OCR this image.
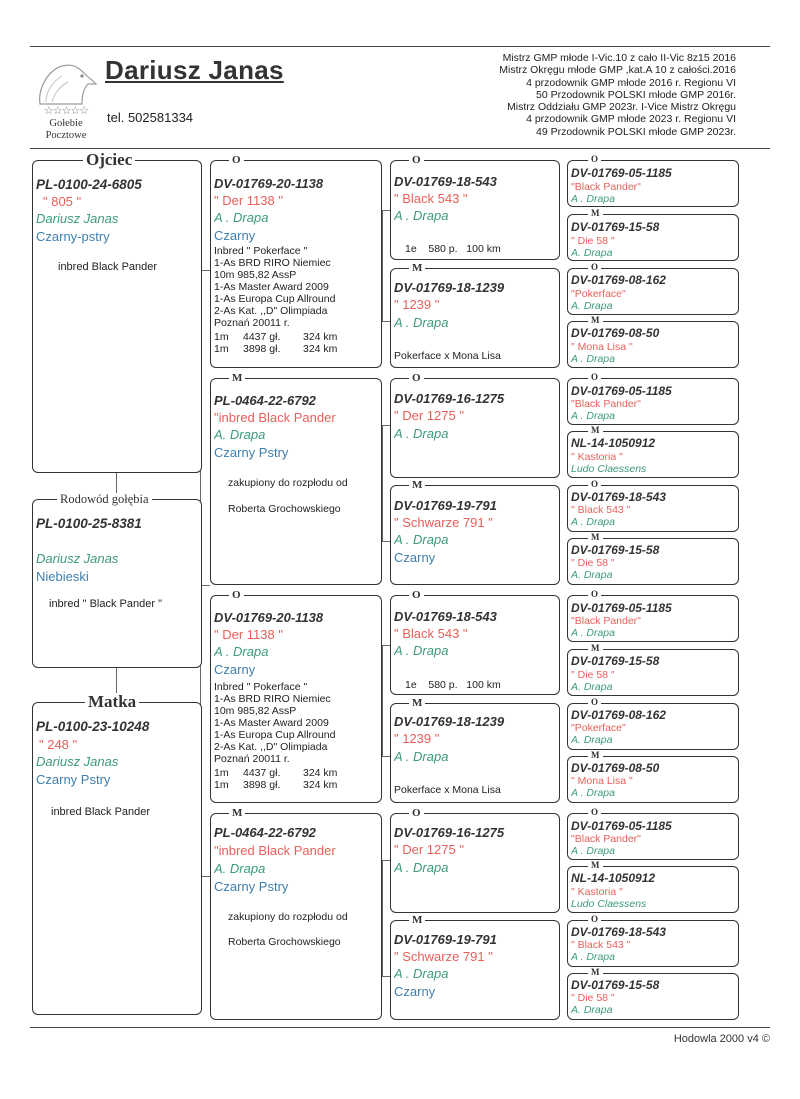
☆☆☆☆☆
Gołebie
Pocztowe
Dariusz Janas
tel. 502581334
Mistrz GMP młode I-Vic.10 z cało II-Vic 8z15 2016
Mistrz Okręgu młode GMP ,kat.A 10 z całości.2016
4 przodownik GMP młode 2016 r. Regionu VI
50 Przodownik POLSKI młode GMP 2016r.
Mistrz Oddziału GMP 2023r. I-Vice Mistrz Okręgu
4 przodownik GMP młode 2023 r. Regionu VI
49 Przodownik POLSKI młode GMP 2023r.
Ojciec
PL-0100-24-6805
" 805 "
Dariusz Janas
Czarny-pstry
inbred Black Pander
Rodowód gołębia
PL-0100-25-8381
Dariusz Janas
Niebieski
inbred " Black Pander "
Matka
PL-0100-23-10248
" 248 "
Dariusz Janas
Czarny Pstry
inbred Black Pander
O
DV-01769-20-1138
" Der 1138 "
A . Drapa
Czarny
Inbred " Pokerface "
1-As BRD RIRO Niemiec
10m 985,82 AssP
1-As Master Award 2009
1-As Europa Cup Allround
2-As Kat. ,,D" Olimpiada
Poznań 20011 r.
1m	4437 gł.	324 km
1m	3898 gł.	324 km
M
PL-0464-22-6792
"inbred Black Pander
A. Drapa
Czarny Pstry
zakupiony do rozpłodu od
Roberta Grochowskiego
O
DV-01769-20-1138
" Der 1138 "
A . Drapa
Czarny
Inbred " Pokerface "
1-As BRD RIRO Niemiec
10m 985,82 AssP
1-As Master Award 2009
1-As Europa Cup Allround
2-As Kat. ,,D" Olimpiada
Poznań 20011 r.
1m	4437 gł.	324 km
1m	3898 gł.	324 km
M
PL-0464-22-6792
"inbred Black Pander
A. Drapa
Czarny Pstry
zakupiony do rozpłodu od
Roberta Grochowskiego
O
DV-01769-18-543
" Black 543 "
A . Drapa
1e    580 p.   100 km
M
DV-01769-18-1239
" 1239 "
A . Drapa
Pokerface x Mona Lisa
O
DV-01769-16-1275
" Der 1275 "
A . Drapa
M
DV-01769-19-791
" Schwarze 791 "
A . Drapa
Czarny
O
DV-01769-18-543
" Black 543 "
A . Drapa
1e    580 p.   100 km
M
DV-01769-18-1239
" 1239 "
A . Drapa
Pokerface x Mona Lisa
O
DV-01769-16-1275
" Der 1275 "
A . Drapa
M
DV-01769-19-791
" Schwarze 791 "
A . Drapa
Czarny
O
DV-01769-05-1185
"Black Pander"
A . Drapa
M
DV-01769-15-58
" Die 58 "
A. Drapa
O
DV-01769-08-162
"Pokerface"
A. Drapa
M
DV-01769-08-50
" Mona Lisa "
A . Drapa
O
DV-01769-05-1185
"Black Pander"
A . Drapa
M
NL-14-1050912
" Kastoria "
Ludo Claessens
O
DV-01769-18-543
" Black 543 "
A . Drapa
M
DV-01769-15-58
" Die 58 "
A. Drapa
O
DV-01769-05-1185
"Black Pander"
A . Drapa
M
DV-01769-15-58
" Die 58 "
A. Drapa
O
DV-01769-08-162
"Pokerface"
A. Drapa
M
DV-01769-08-50
" Mona Lisa "
A . Drapa
O
DV-01769-05-1185
"Black Pander"
A . Drapa
M
NL-14-1050912
" Kastoria "
Ludo Claessens
O
DV-01769-18-543
" Black 543 "
A . Drapa
M
DV-01769-15-58
" Die 58 "
A. Drapa
Hodowla 2000 v4 ©
